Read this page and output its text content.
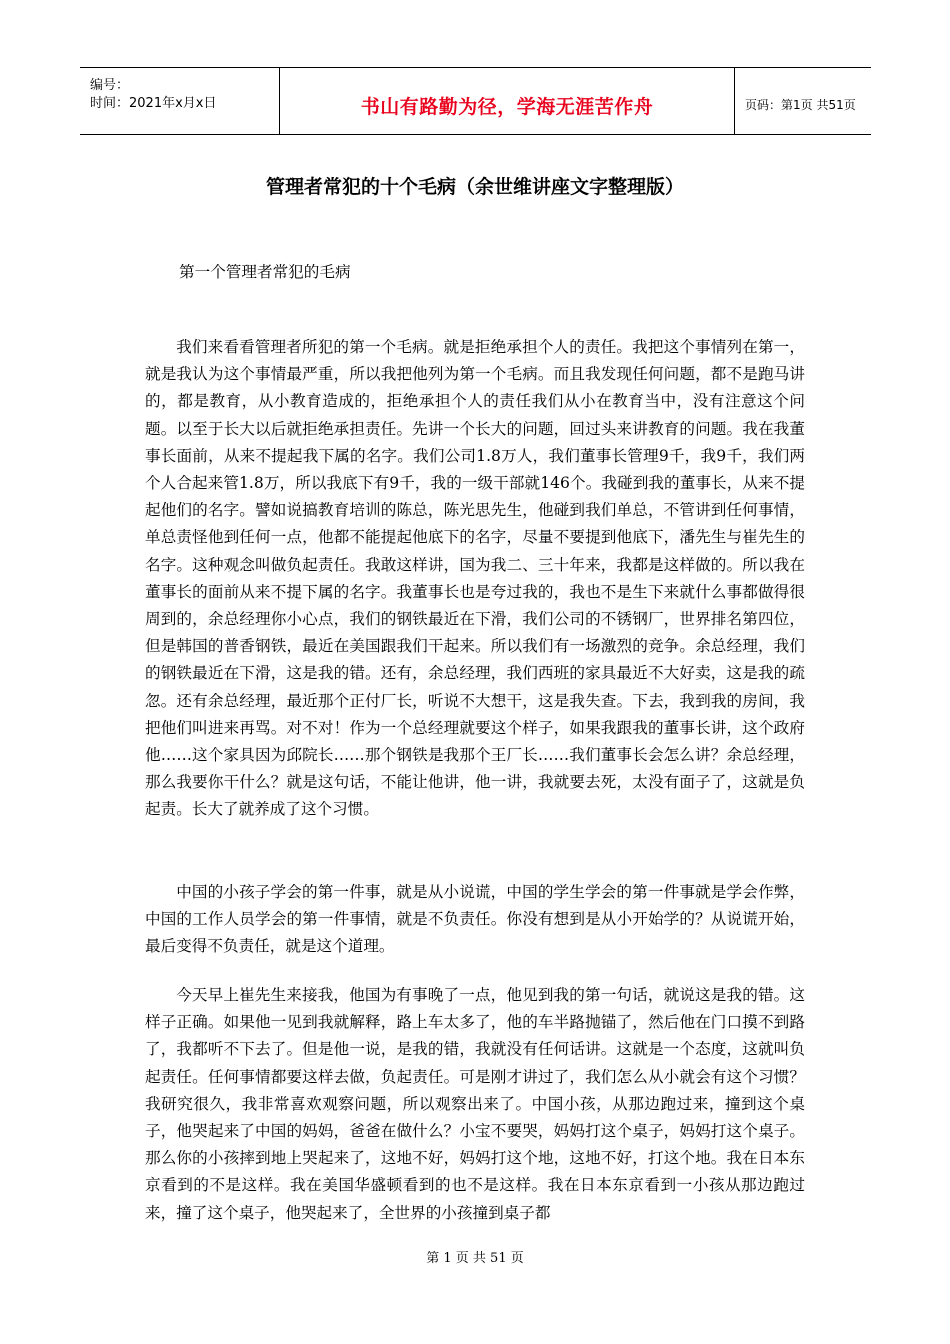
编号：
时间：2021年x月x日	书山有路勤为径，学海无涯苦作舟	页码：第1页 共51页
管理者常犯的十个毛病（余世维讲座文字整理版）
第一个管理者常犯的毛病

我们来看看管理者所犯的第一个毛病。就是拒绝承担个人的责任。我把这个事情列在第一，就是我认为这个事情最严重，所以我把他列为第一个毛病。而且我发现任何问题，都不是跑马讲的，都是教育，从小教育造成的，拒绝承担个人的责任我们从小在教育当中，没有注意这个问题。以至于长大以后就拒绝承担责任。先讲一个长大的问题，回过头来讲教育的问题。我在我董事长面前，从来不提起我下属的名字。我们公司1.8万人，我们董事长管理9千，我9千，我们两个人合起来管1.8万，所以我底下有9千，我的一级干部就146个。我碰到我的董事长，从来不提起他们的名字。譬如说搞教育培训的陈总，陈光思先生，他碰到我们单总，不管讲到任何事情，单总责怪他到任何一点，他都不能提起他底下的名字，尽量不要提到他底下，潘先生与崔先生的名字。这种观念叫做负起责任。我敢这样讲，国为我二、三十年来，我都是这样做的。所以我在董事长的面前从来不提下属的名字。我董事长也是夸过我的，我也不是生下来就什么事都做得很周到的，余总经理你小心点，我们的钢铁最近在下滑，我们公司的不锈钢厂，世界排名第四位，但是韩国的普香钢铁，最近在美国跟我们干起来。所以我们有一场激烈的竞争。余总经理，我们的钢铁最近在下滑，这是我的错。还有，余总经理，我们西班的家具最近不大好卖，这是我的疏忽。还有余总经理，最近那个正付厂长，听说不大想干，这是我失查。下去，我到我的房间，我把他们叫进来再骂。对不对！作为一个总经理就要这个样子，如果我跟我的董事长讲，这个政府他……这个家具因为邱院长……那个钢铁是我那个王厂长……我们董事长会怎么讲？余总经理，那么我要你干什么？就是这句话，不能让他讲，他一讲，我就要去死，太没有面子了，这就是负起责。长大了就养成了这个习惯。

中国的小孩子学会的第一件事，就是从小说谎，中国的学生学会的第一件事就是学会作弊，中国的工作人员学会的第一件事情，就是不负责任。你没有想到是从小开始学的？从说谎开始，最后变得不负责任，就是这个道理。

今天早上崔先生来接我，他国为有事晚了一点，他见到我的第一句话，就说这是我的错。这样子正确。如果他一见到我就解释，路上车太多了，他的车半路抛锚了，然后他在门口摸不到路了，我都听不下去了。但是他一说，是我的错，我就没有任何话讲。这就是一个态度，这就叫负起责任。任何事情都要这样去做，负起责任。可是刚才讲过了，我们怎么从小就会有这个习惯？我研究很久，我非常喜欢观察问题，所以观察出来了。中国小孩，从那边跑过来，撞到这个桌子，他哭起来了中国的妈妈，爸爸在做什么？小宝不要哭，妈妈打这个桌子，妈妈打这个桌子。那么你的小孩摔到地上哭起来了，这地不好，妈妈打这个地，这地不好，打这个地。我在日本东京看到的不是这样。我在美国华盛顿看到的也不是这样。我在日本东京看到一小孩从那边跑过来，撞了这个桌子，他哭起来了，全世界的小孩撞到桌子都

第 1 页 共 51 页
